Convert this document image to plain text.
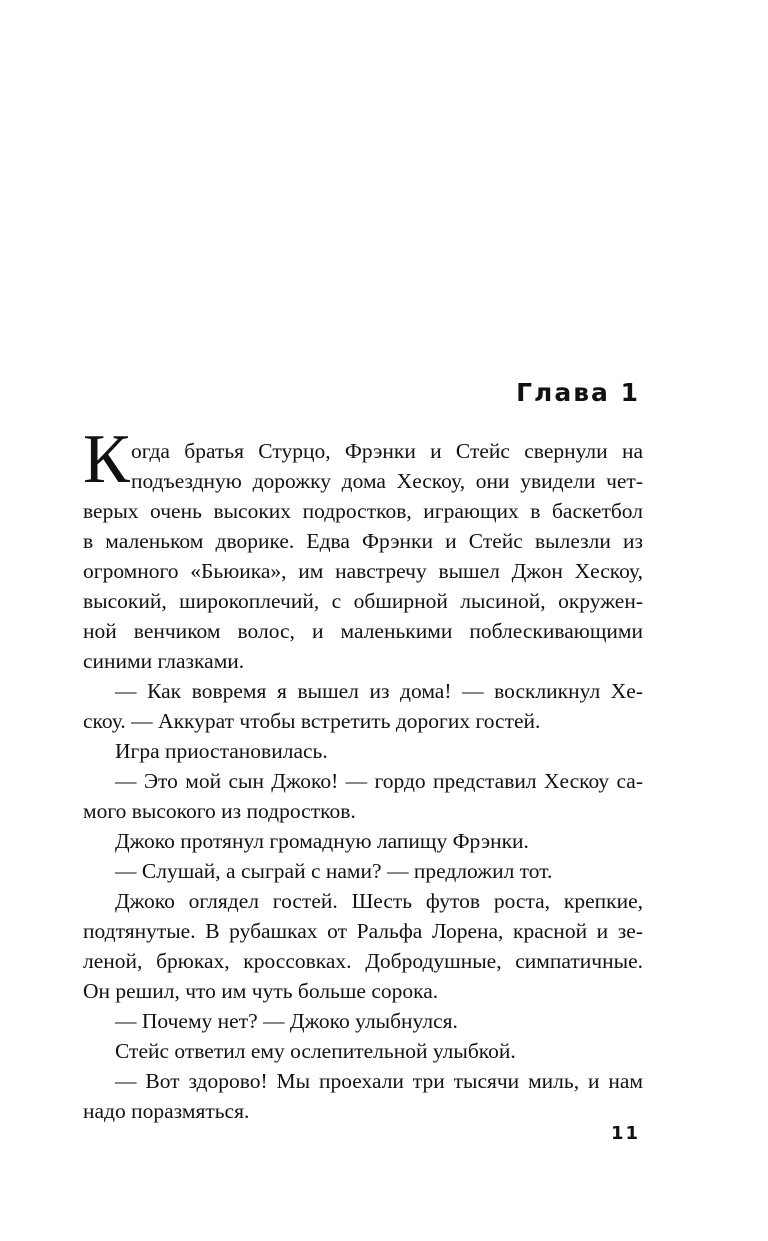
Глава 1
К огда братья Стурцо, Фрэнки и Стейс свернули на

подъездную дорожку дома Хескоу, они увидели чет-

верых очень высоких подростков, играющих в баскетбол

в маленьком дворике. Едва Фрэнки и Стейс вылезли из

огромного «Бьюика», им навстречу вышел Джон Хескоу,

высокий, широкоплечий, с обширной лысиной, окружен-

ной венчиком волос, и маленькими поблескивающими

синими глазками.

— Как вовремя я вышел из дома! — воскликнул Хе-

скоу. — Аккурат чтобы встретить дорогих гостей.

Игра приостановилась.

— Это мой сын Джоко! — гордо представил Хескоу са-

мого высокого из подростков.

Джоко протянул громадную лапищу Фрэнки.

— Слушай, а сыграй с нами? — предложил тот.

Джоко оглядел гостей. Шесть футов роста, крепкие,

подтянутые. В рубашках от Ральфа Лорена, красной и зе-

леной, брюках, кроссовках. Добродушные, симпатичные.

Он решил, что им чуть больше сорока.

— Почему нет? — Джоко улыбнулся.

Стейс ответил ему ослепительной улыбкой.

— Вот здорово! Мы проехали три тысячи миль, и нам

надо поразмяться.

11
